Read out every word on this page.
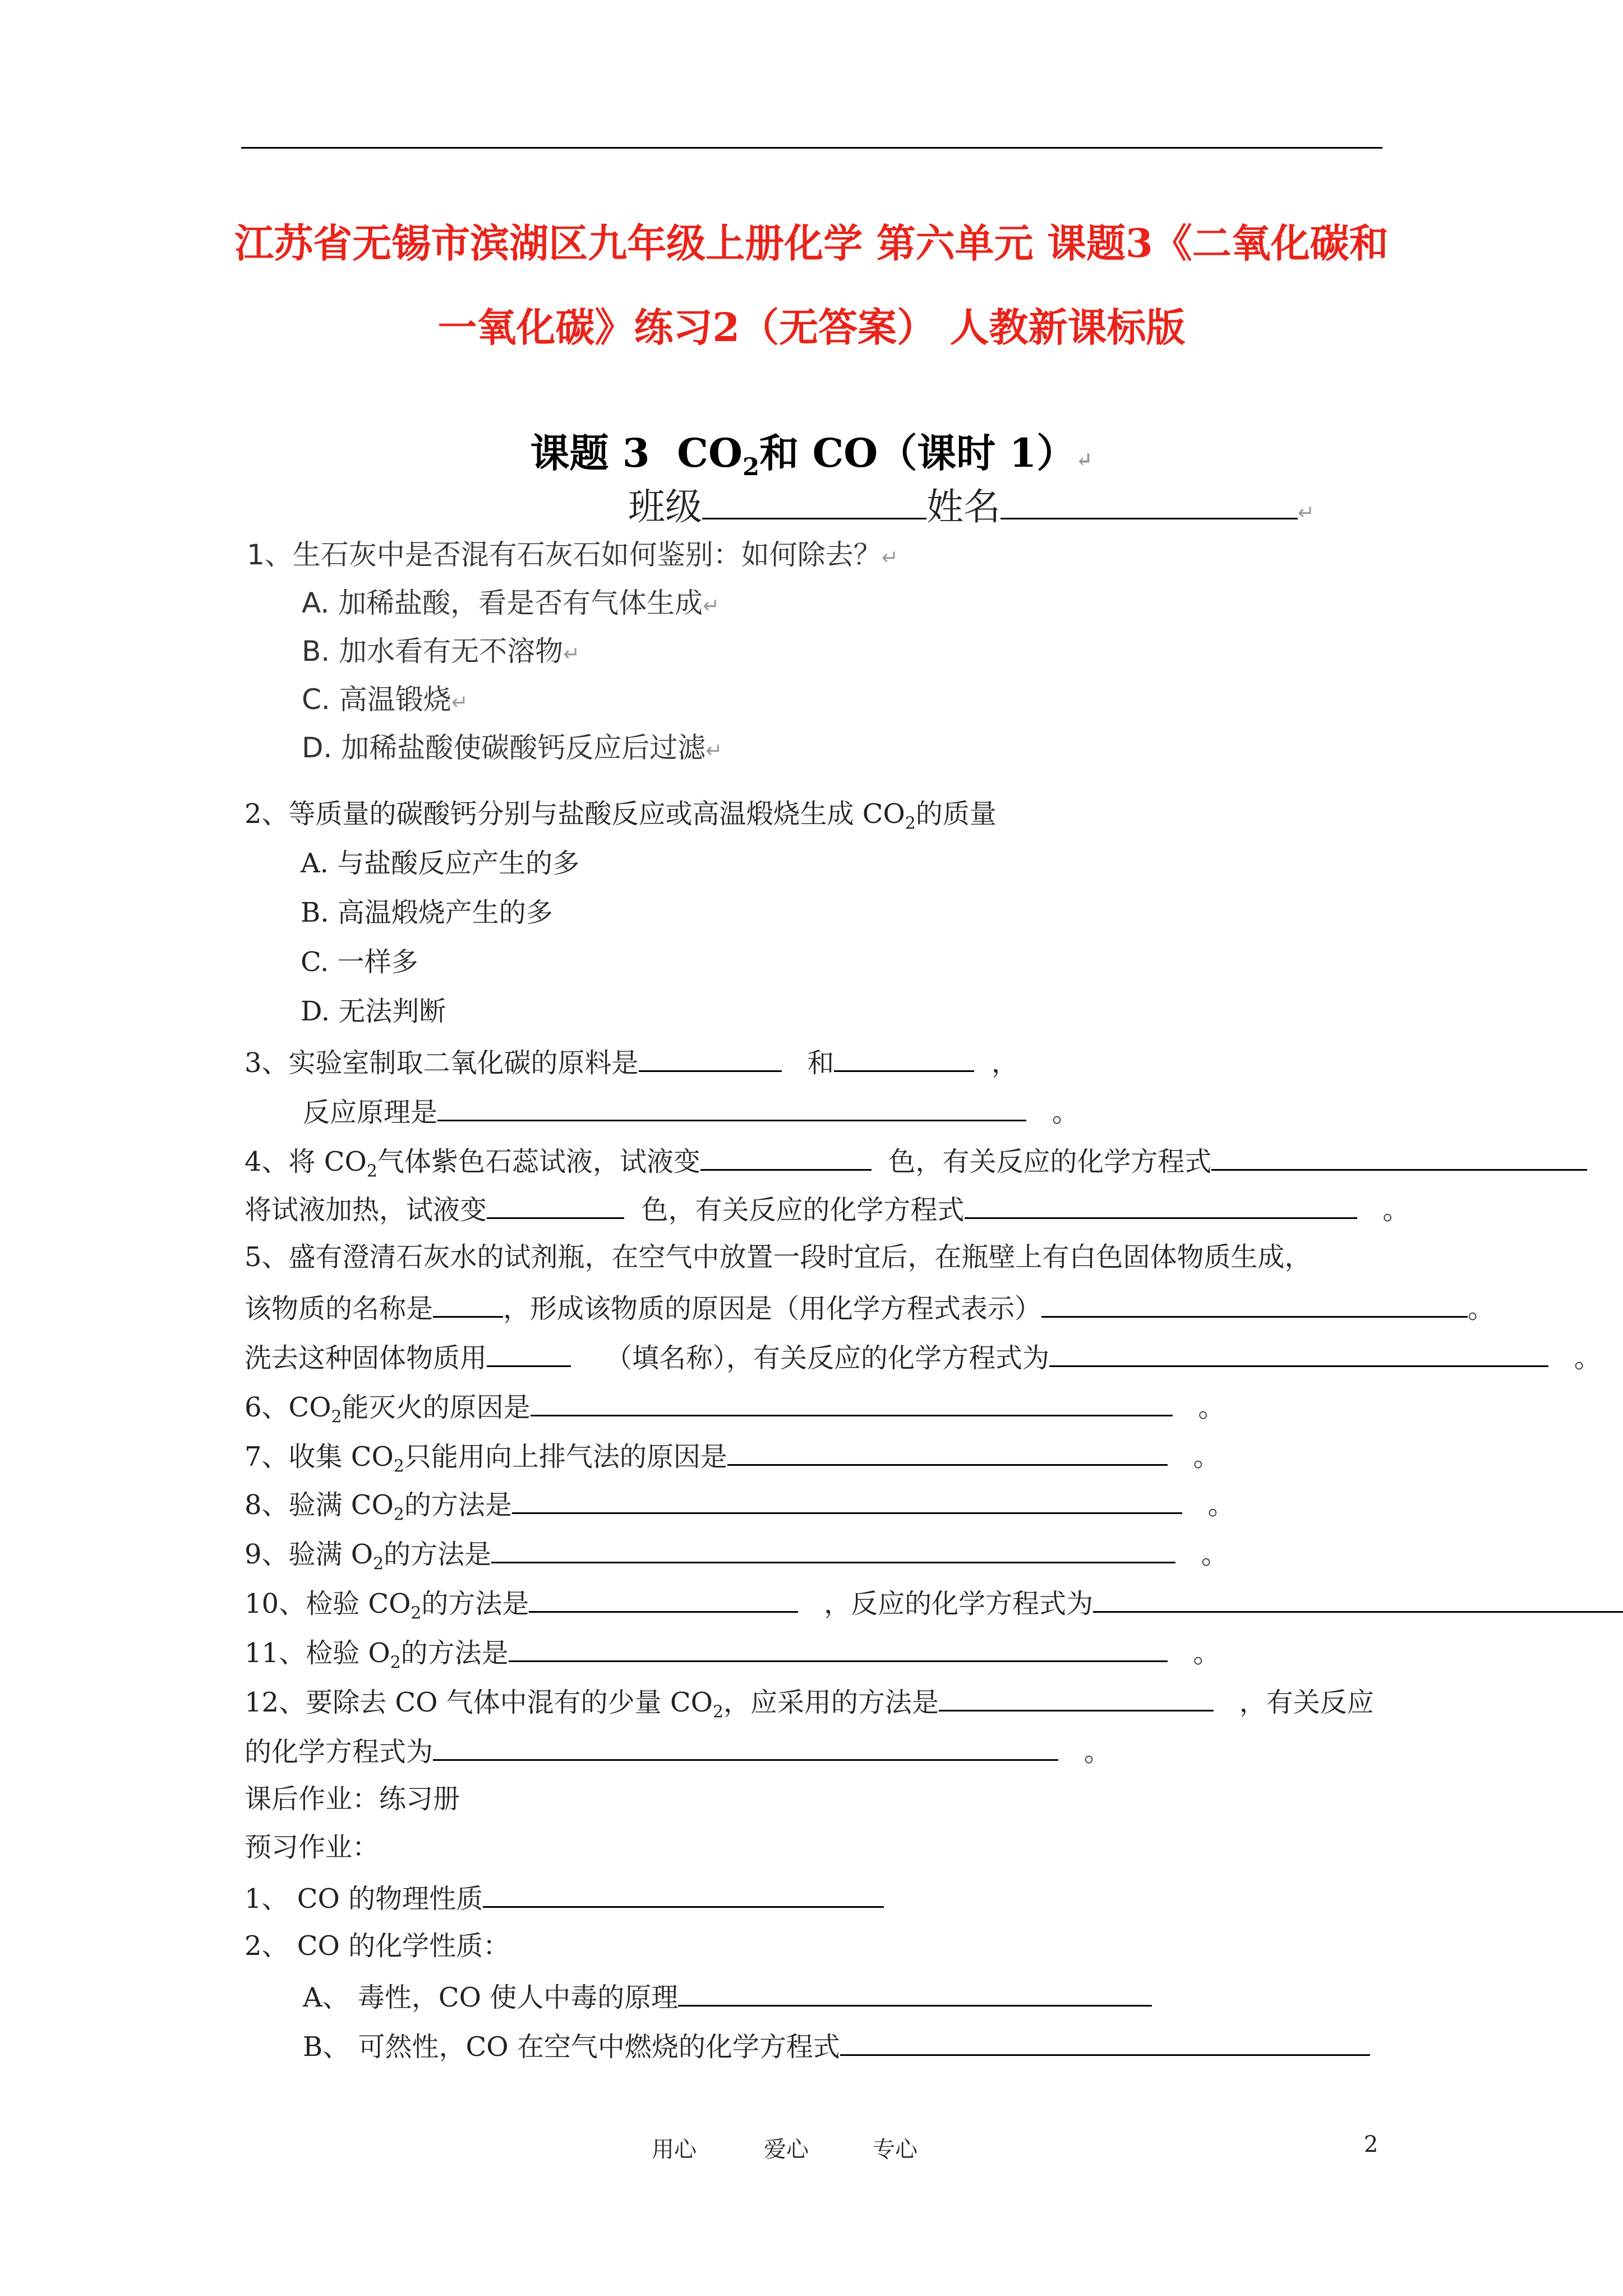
江苏省无锡市滨湖区九年级上册化学 第六单元 课题3《二氧化碳和
一氧化碳》练习2（无答案） 人教新课标版
课题 3 $CO_2$和 CO（课时 1）↵
班级	姓名	↵
1、生石灰中是否混有石灰石如何鉴别：如何除去？↵
A. 加稀盐酸，看是否有气体生成↵
B. 加水看有无不溶物↵
C. 高温锻烧↵
D. 加稀盐酸使碳酸钙反应后过滤↵
2、等质量的碳酸钙分别与盐酸反应或高温煅烧生成 $CO_2$的质量
A. 与盐酸反应产生的多
B. 高温煅烧产生的多
C. 一样多
D. 无法判断
3、实验室制取二氧化碳的原料是	和	，
反应原理是	。
4、将 $CO_2$气体紫色石蕊试液，试液变	色，有关反应的化学方程式
将试液加热，试液变	色，有关反应的化学方程式	。
5、盛有澄清石灰水的试剂瓶，在空气中放置一段时宜后，在瓶壁上有白色固体物质生成，
该物质的名称是	，形成该物质的原因是（用化学方程式表示）	。
洗去这种固体物质用	（填名称），有关反应的化学方程式为	。
6、$CO_2$能灭火的原因是	。
7、收集 $CO_2$只能用向上排气法的原因是	。
8、验满 $CO_2$的方法是	。
9、验满 $O_2$的方法是	。
10、检验 $CO_2$的方法是	，反应的化学方程式为
11、检验 $O_2$的方法是	。
12、要除去 CO 气体中混有的少量 $CO_2$，应采用的方法是	，有关反应
的化学方程式为	。
课后作业：练习册
预习作业：
1、 CO 的物理性质
2、 CO 的化学性质：
A、 毒性，CO 使人中毒的原理
B、 可然性，CO 在空气中燃烧的化学方程式
用心	爱心	专心	2
